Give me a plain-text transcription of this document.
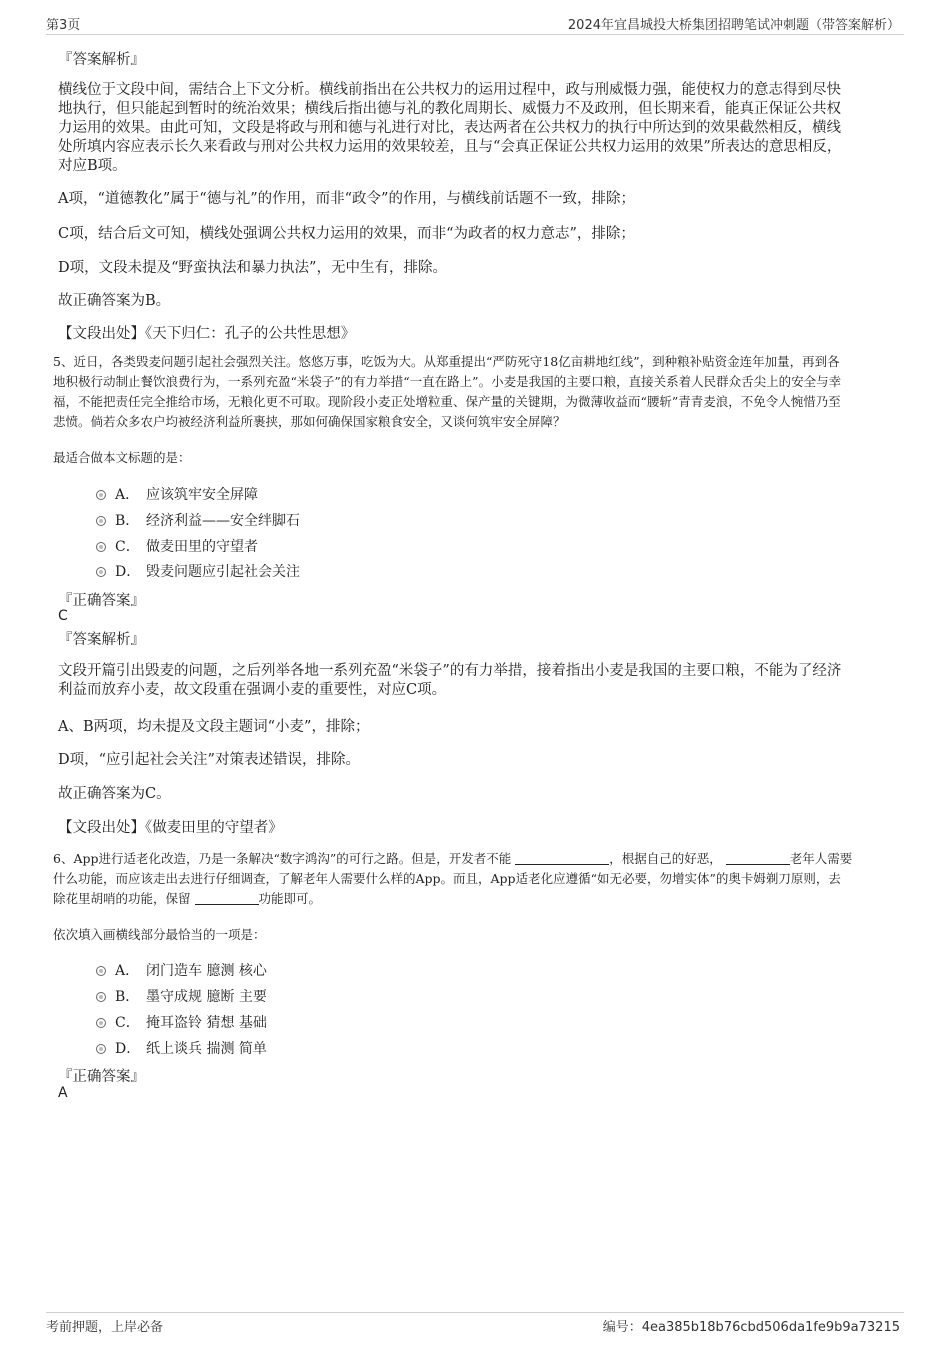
第3页	2024年宜昌城投大桥集团招聘笔试冲刺题（带答案解析）
『答案解析』
横线位于文段中间，需结合上下文分析。横线前指出在公共权力的运用过程中，政与刑威慑力强，能使权力的意志得到尽快
地执行，但只能起到暂时的统治效果；横线后指出德与礼的教化周期长、威慑力不及政刑，但长期来看，能真正保证公共权
力运用的效果。由此可知，文段是将政与刑和德与礼进行对比，表达两者在公共权力的执行中所达到的效果截然相反，横线
处所填内容应表示长久来看政与刑对公共权力运用的效果较差，且与“会真正保证公共权力运用的效果”所表达的意思相反，
对应B项。
A项，“道德教化”属于“德与礼”的作用，而非“政令”的作用，与横线前话题不一致，排除；
C项，结合后文可知，横线处强调公共权力运用的效果，而非“为政者的权力意志”，排除；
D项，文段未提及“野蛮执法和暴力执法”，无中生有，排除。
故正确答案为B。
【文段出处】《天下归仁：孔子的公共性思想》
5、近日，各类毁麦问题引起社会强烈关注。悠悠万事，吃饭为大。从郑重提出“严防死守18亿亩耕地红线”，到种粮补贴资金连年加量，再到各
地积极行动制止餐饮浪费行为，一系列充盈“米袋子”的有力举措“一直在路上”。小麦是我国的主要口粮，直接关系着人民群众舌尖上的安全与幸
福，不能把责任完全推给市场，无粮化更不可取。现阶段小麦正处增粒重、保产量的关键期，为微薄收益而“腰斩”青青麦浪，不免令人惋惜乃至
悲愤。倘若众多农户均被经济利益所裹挟，那如何确保国家粮食安全，又谈何筑牢安全屏障？
最适合做本文标题的是：
A． 应该筑牢安全屏障
B． 经济利益——安全绊脚石
C． 做麦田里的守望者
D． 毁麦问题应引起社会关注
『正确答案』
C
『答案解析』
文段开篇引出毁麦的问题，之后列举各地一系列充盈“米袋子”的有力举措，接着指出小麦是我国的主要口粮，不能为了经济
利益而放弃小麦，故文段重在强调小麦的重要性，对应C项。
A、B两项，均未提及文段主题词“小麦”，排除；
D项，“应引起社会关注”对策表述错误，排除。
故正确答案为C。
【文段出处】《做麦田里的守望者》
6、App进行适老化改造，乃是一条解决“数字鸿沟”的可行之路。但是，开发者不能	，根据自己的好恶，	老年人需要
什么功能，而应该走出去进行仔细调查，了解老年人需要什么样的App。而且，App适老化应遵循“如无必要，勿增实体”的奥卡姆剃刀原则，去
除花里胡哨的功能，保留	功能即可。
依次填入画横线部分最恰当的一项是：
A． 闭门造车 臆测 核心
B． 墨守成规 臆断 主要
C． 掩耳盗铃 猜想 基础
D． 纸上谈兵 揣测 简单
『正确答案』
A
考前押题，上岸必备	编号：4ea385b18b76cbd506da1fe9b9a73215
